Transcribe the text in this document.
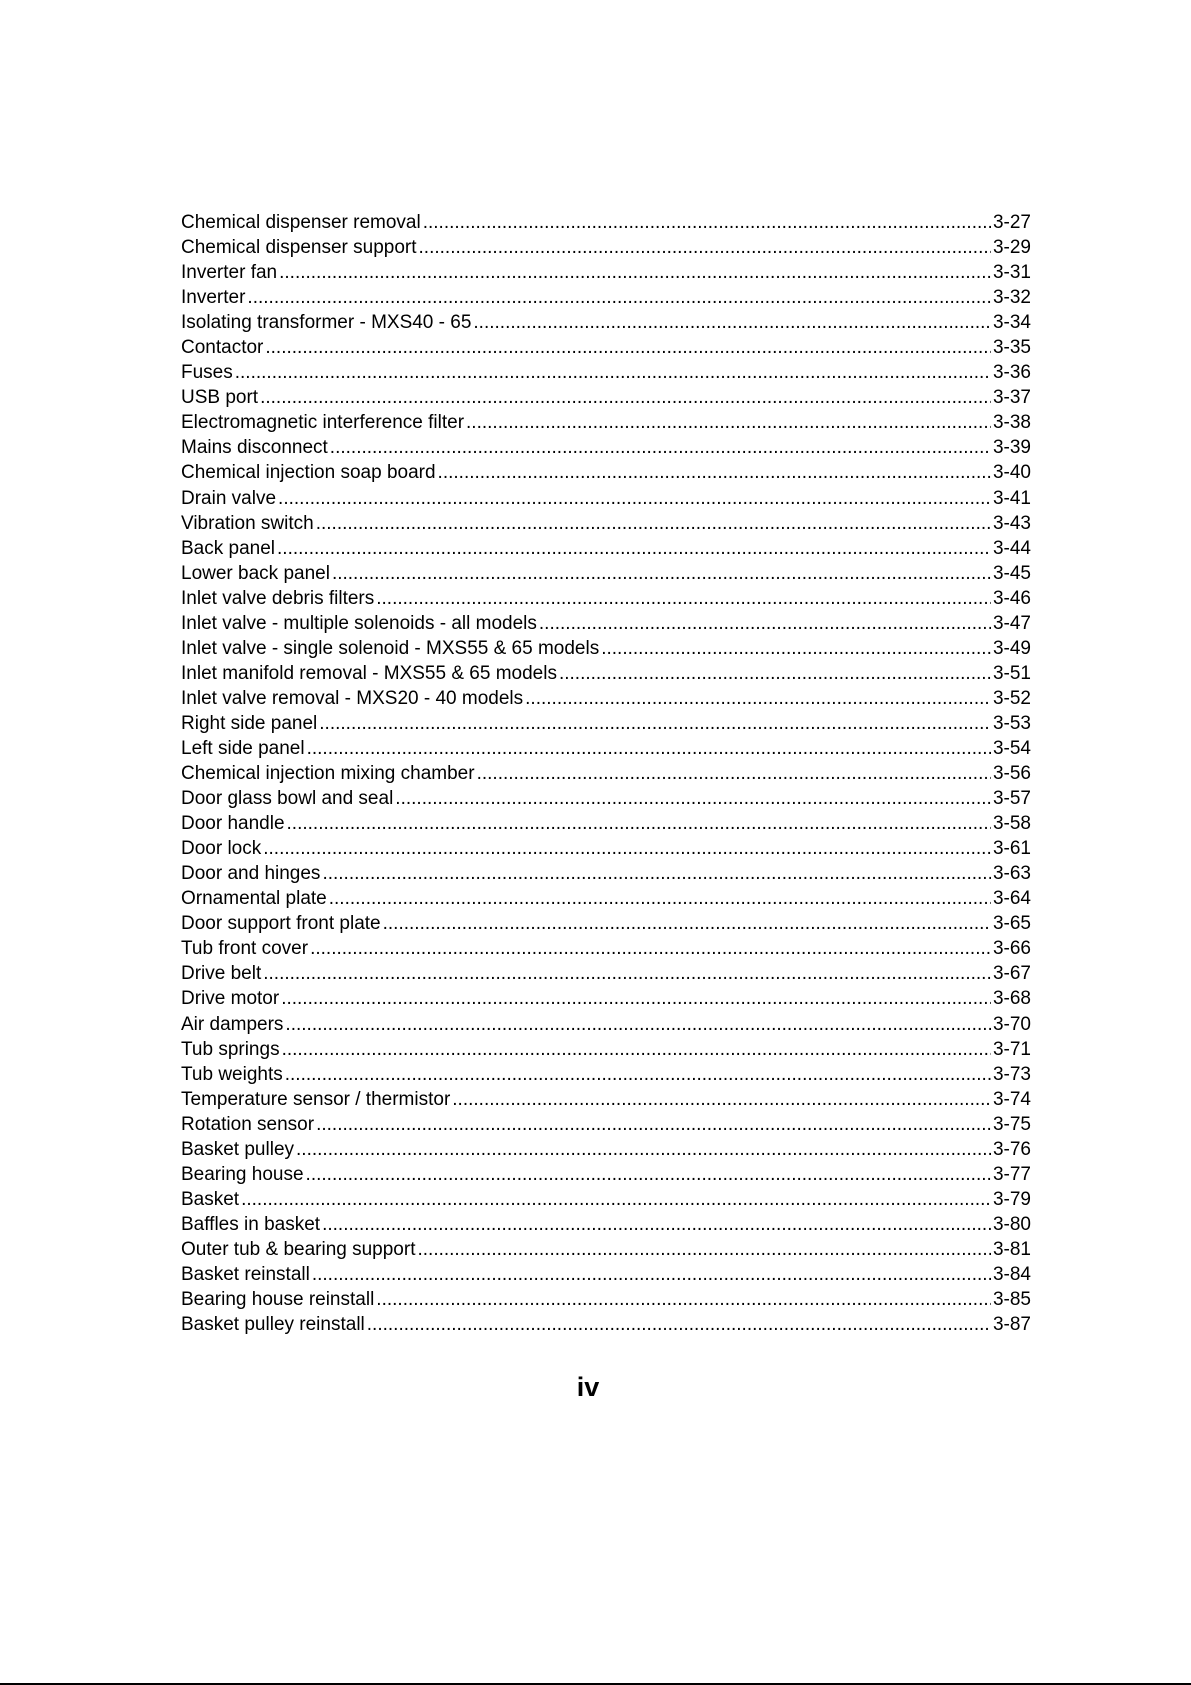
Chemical dispenser removal .....	3-27
Chemical dispenser support .....	3-29
Inverter fan .....	3-31
Inverter .....	3-32
Isolating transformer - MXS40 - 65 .....	3-34
Contactor .....	3-35
Fuses .....	3-36
USB port .....	3-37
Electromagnetic interference filter .....	3-38
Mains disconnect .....	3-39
Chemical injection soap board .....	3-40
Drain valve .....	3-41
Vibration switch .....	3-43
Back panel .....	3-44
Lower back panel .....	3-45
Inlet valve debris filters .....	3-46
Inlet valve - multiple solenoids - all models .....	3-47
Inlet valve - single solenoid - MXS55 & 65 models .....	3-49
Inlet manifold removal - MXS55 & 65 models .....	3-51
Inlet valve removal - MXS20 - 40 models .....	3-52
Right side panel .....	3-53
Left side panel .....	3-54
Chemical injection mixing chamber .....	3-56
Door glass bowl and seal .....	3-57
Door handle .....	3-58
Door lock .....	3-61
Door and hinges .....	3-63
Ornamental plate .....	3-64
Door support front plate .....	3-65
Tub front cover .....	3-66
Drive belt .....	3-67
Drive motor .....	3-68
Air dampers .....	3-70
Tub springs .....	3-71
Tub weights .....	3-73
Temperature sensor / thermistor .....	3-74
Rotation sensor .....	3-75
Basket pulley .....	3-76
Bearing house .....	3-77
Basket .....	3-79
Baffles in basket .....	3-80
Outer tub & bearing support .....	3-81
Basket reinstall .....	3-84
Bearing house reinstall .....	3-85
Basket pulley reinstall .....	3-87
iv
